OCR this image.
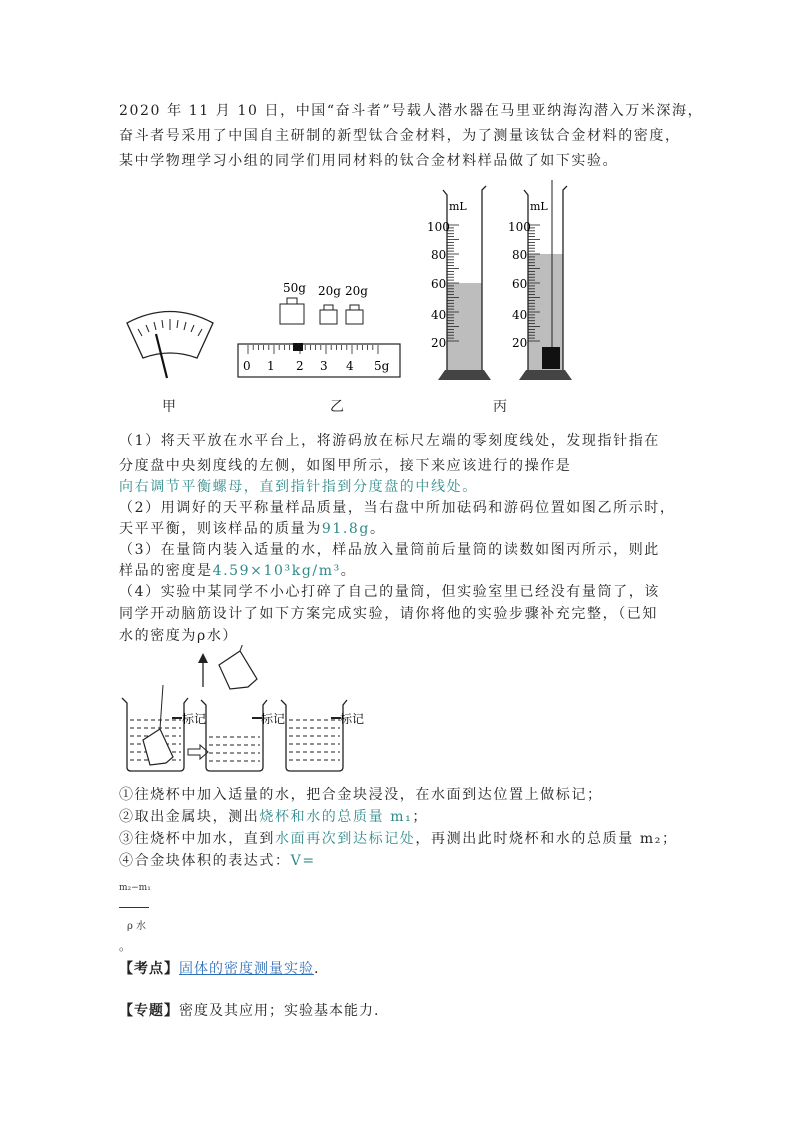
2020 年 11 月 10 日，中国“奋斗者”号载人潜水器在马里亚纳海沟潜入万米深海，
奋斗者号采用了中国自主研制的新型钛合金材料，为了测量该钛合金材料的密度，
某中学物理学习小组的同学们用同材料的钛合金材料样品做了如下实验。
50g 20g 20g
0 1 2 3 4 5g
mL
100
80
60
40
20
mL
100
80
60
40
20
甲	乙	丙
（1）将天平放在水平台上，将游码放在标尺左端的零刻度线处，发现指针指在
分度盘中央刻度线的左侧，如图甲所示，接下来应该进行的操作是
向右调节平衡螺母，直到指针指到分度盘的中线处。
（2）用调好的天平称量样品质量，当右盘中所加砝码和游码位置如图乙所示时，
天平平衡，则该样品的质量为91.8g。
（3）在量筒内装入适量的水，样品放入量筒前后量筒的读数如图丙所示，则此
样品的密度是4.59×10³kg/m³。
（4）实验中某同学不小心打碎了自己的量筒，但实验室里已经没有量筒了，该
同学开动脑筋设计了如下方案完成实验，请你将他的实验步骤补充完整，（已知
水的密度为ρ水）
标记	标记	标记
①往烧杯中加入适量的水，把合金块浸没，在水面到达位置上做标记；
②取出金属块，测出烧杯和水的总质量 m₁；
③往烧杯中加水，直到水面再次到达标记处，再测出此时烧杯和水的总质量 m₂；
④合金块体积的表达式：V=
m₂−m₁
ρ 水
。
【考点】固体的密度测量实验.
【专题】密度及其应用；实验基本能力.
